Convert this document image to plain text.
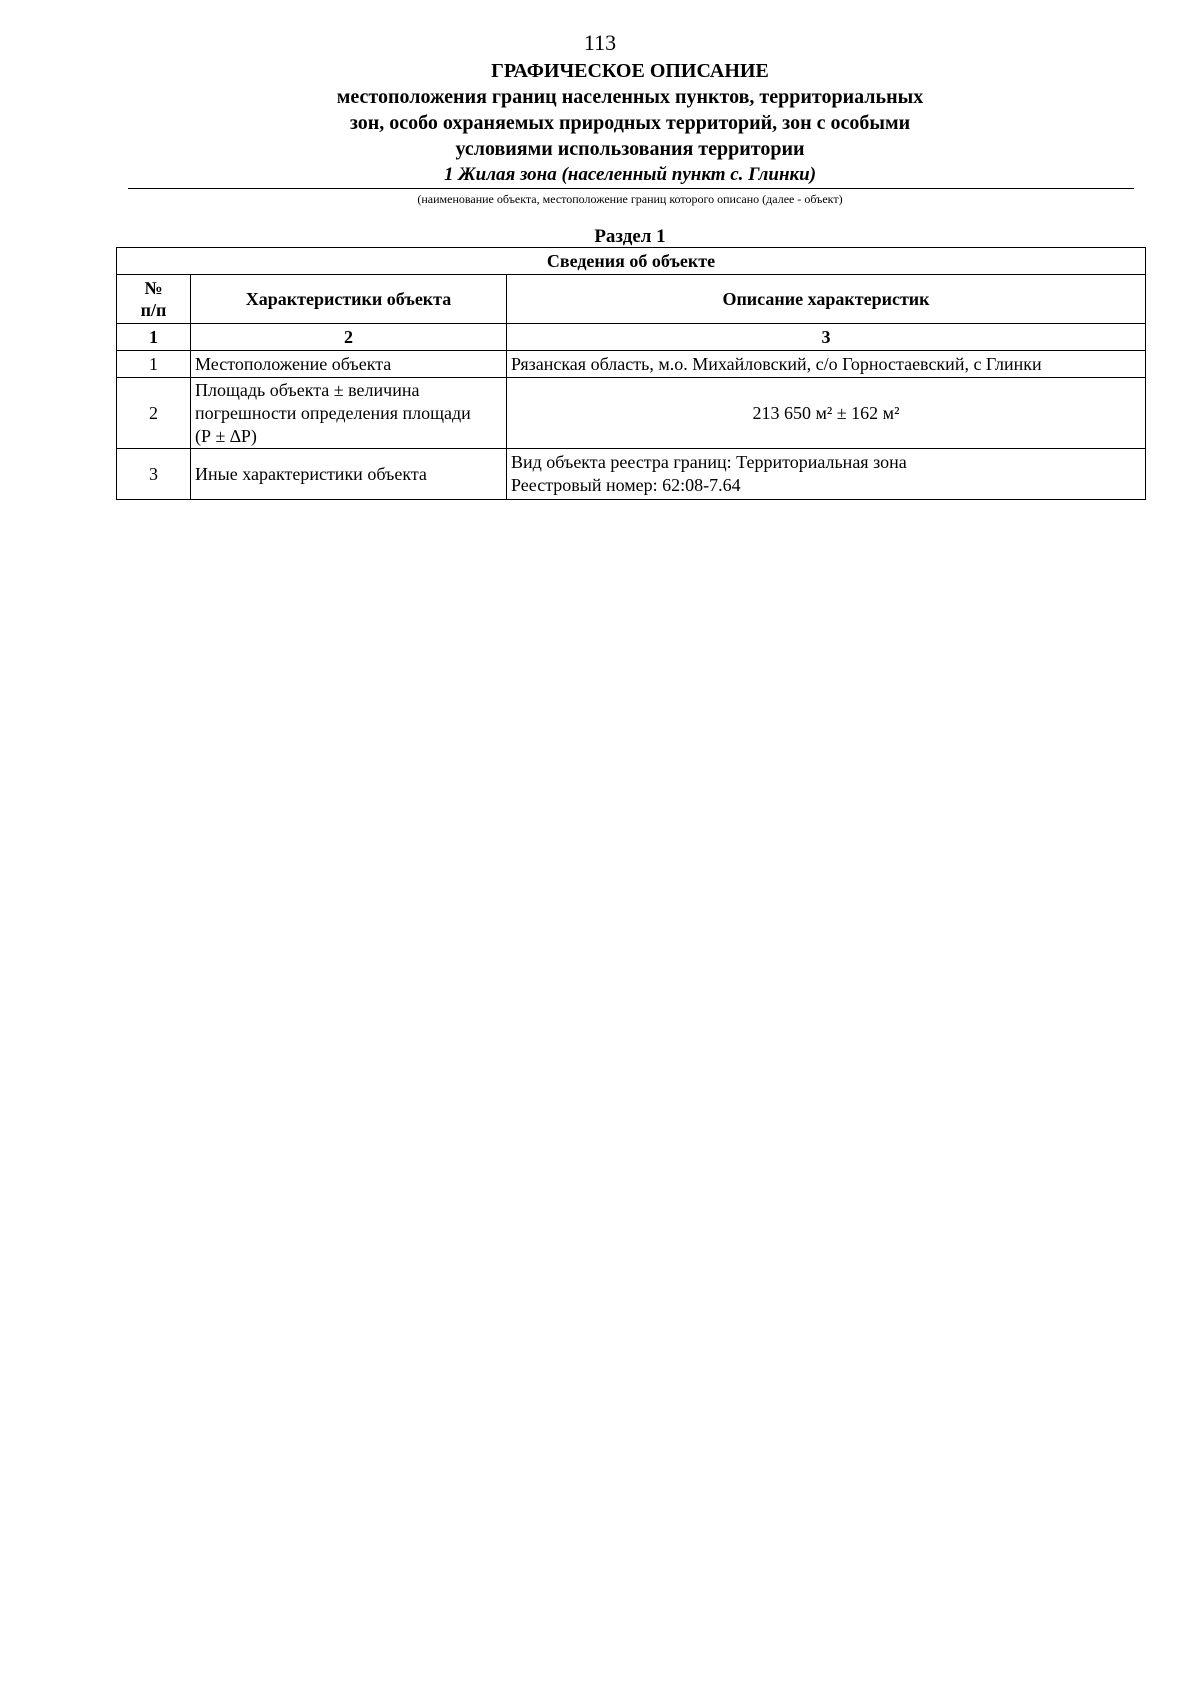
113
ГРАФИЧЕСКОЕ ОПИСАНИЕ
местоположения границ населенных пунктов, территориальных
зон, особо охраняемых природных территорий, зон с особыми
условиями использования территории
1 Жилая зона (населенный пункт с. Глинки)
(наименование объекта, местоположение границ которого описано (далее - объект)
Раздел 1
Сведения об объекте		

№
п/п	Характеристики объекта	Описание характеристик
1	2	3
1	Местоположение объекта	Рязанская область, м.о. Михайловский, с/о Горностаевский, с Глинки
2	Площадь объекта ± величина
погрешности определения площади
(Р ± ∆Р)	213 650 м² ± 162 м²
3	Иные характеристики объекта	Вид объекта реестра границ: Территориальная зона
Реестровый номер: 62:08-7.64
